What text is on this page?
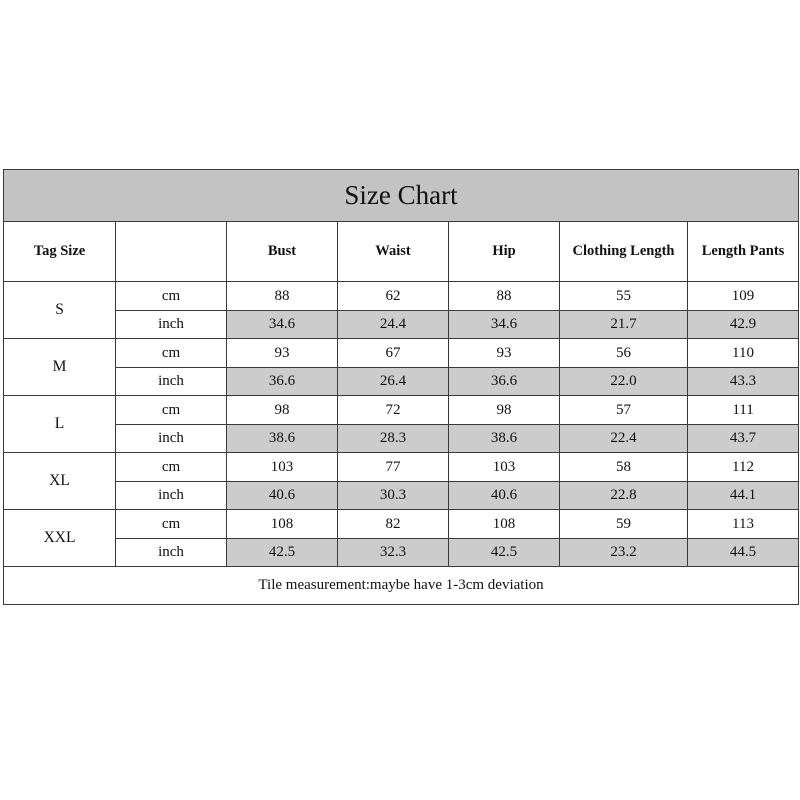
Size Chart						
Tag Size		Bust	Waist	Hip	Clothing Length	Length Pants
S	cm	88	62	88	55	109
	inch	34.6	24.4	34.6	21.7	42.9
M	cm	93	67	93	56	110
	inch	36.6	26.4	36.6	22.0	43.3
L	cm	98	72	98	57	111
	inch	38.6	28.3	38.6	22.4	43.7
XL	cm	103	77	103	58	112
	inch	40.6	30.3	40.6	22.8	44.1
XXL	cm	108	82	108	59	113
	inch	42.5	32.3	42.5	23.2	44.5
Tile measurement:maybe have 1-3cm deviation						
